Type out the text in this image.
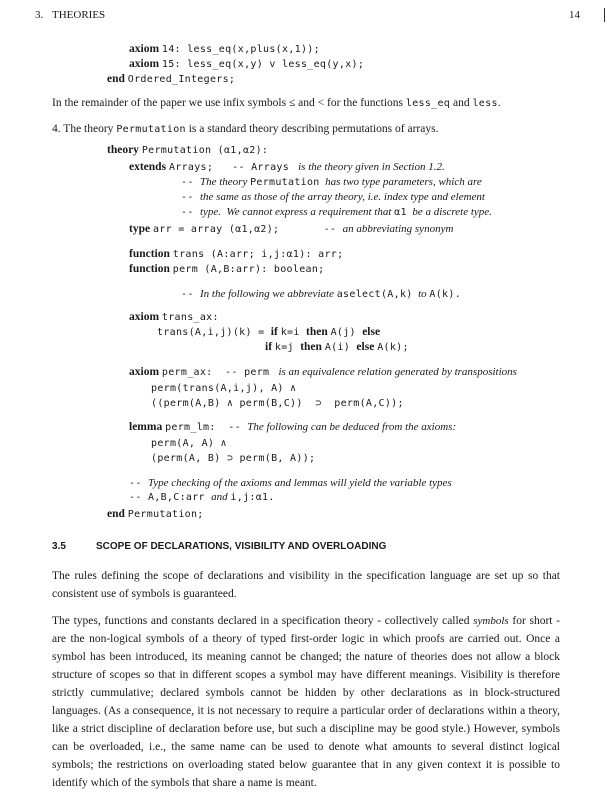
3. THEORIES	14
axiom 14: less_eq(x,plus(x,1));
axiom 15: less_eq(x,y) v less_eq(y,x);
end Ordered_Integers;
In the remainder of the paper we use infix symbols ≤ and < for the functions less_eq and less.
4. The theory Permutation is a standard theory describing permutations of arrays.
theory Permutation (α1,α2):
extends Arrays;   -- Arrays  is the theory given in Section 1.2.
-- The theory Permutation  has two type parameters, which are
-- the same as those of the array theory, i.e. index type and element
-- type.  We cannot express a requirement that α1  be a discrete type.
type arr = array (α1,α2);       -- an abbreviating synonym
function trans (A:arr; i,j:α1): arr;
function perm (A,B:arr): boolean;
-- In the following we abbreviate aselect(A,k)  to A(k).
axiom trans_ax:
trans(A,i,j)(k) = if k=i then A(j) else
if k=j then A(i) else A(k);
axiom perm_ax:  -- perm  is an equivalence relation generated by transpositions
perm(trans(A,i,j), A) ∧
((perm(A,B) ∧ perm(B,C))  ⊃  perm(A,C));
lemma perm_lm:  -- The following can be deduced from the axioms:
perm(A, A) ∧
(perm(A, B) ⊃ perm(B, A));
-- Type checking of the axioms and lemmas will yield the variable types
-- A,B,C:arr and i,j:α1.
end Permutation;
3.5	SCOPE OF DECLARATIONS, VISIBILITY AND OVERLOADING
The rules defining the scope of declarations and visibility in the specification language are set up so that consistent use of symbols is guaranteed.
The types, functions and constants declared in a specification theory - collectively called symbols for short - are the non-logical symbols of a theory of typed first-order logic in which proofs are carried out. Once a symbol has been introduced, its meaning cannot be changed; the nature of theories does not allow a block structure of scopes so that in different scopes a symbol may have different meanings. Visibility is therefore strictly cummulative; declared symbols cannot be hidden by other declarations as in block-structured languages. (As a consequence, it is not necessary to require a particular order of declarations within a theory, like a strict discipline of declaration before use, but such a discipline may be good style.) However, symbols can be overloaded, i.e., the same name can be used to denote what amounts to several distinct logical symbols; the restrictions on overloading stated below guarantee that in any given context it is possible to identify which of the symbols that share a name is meant.
